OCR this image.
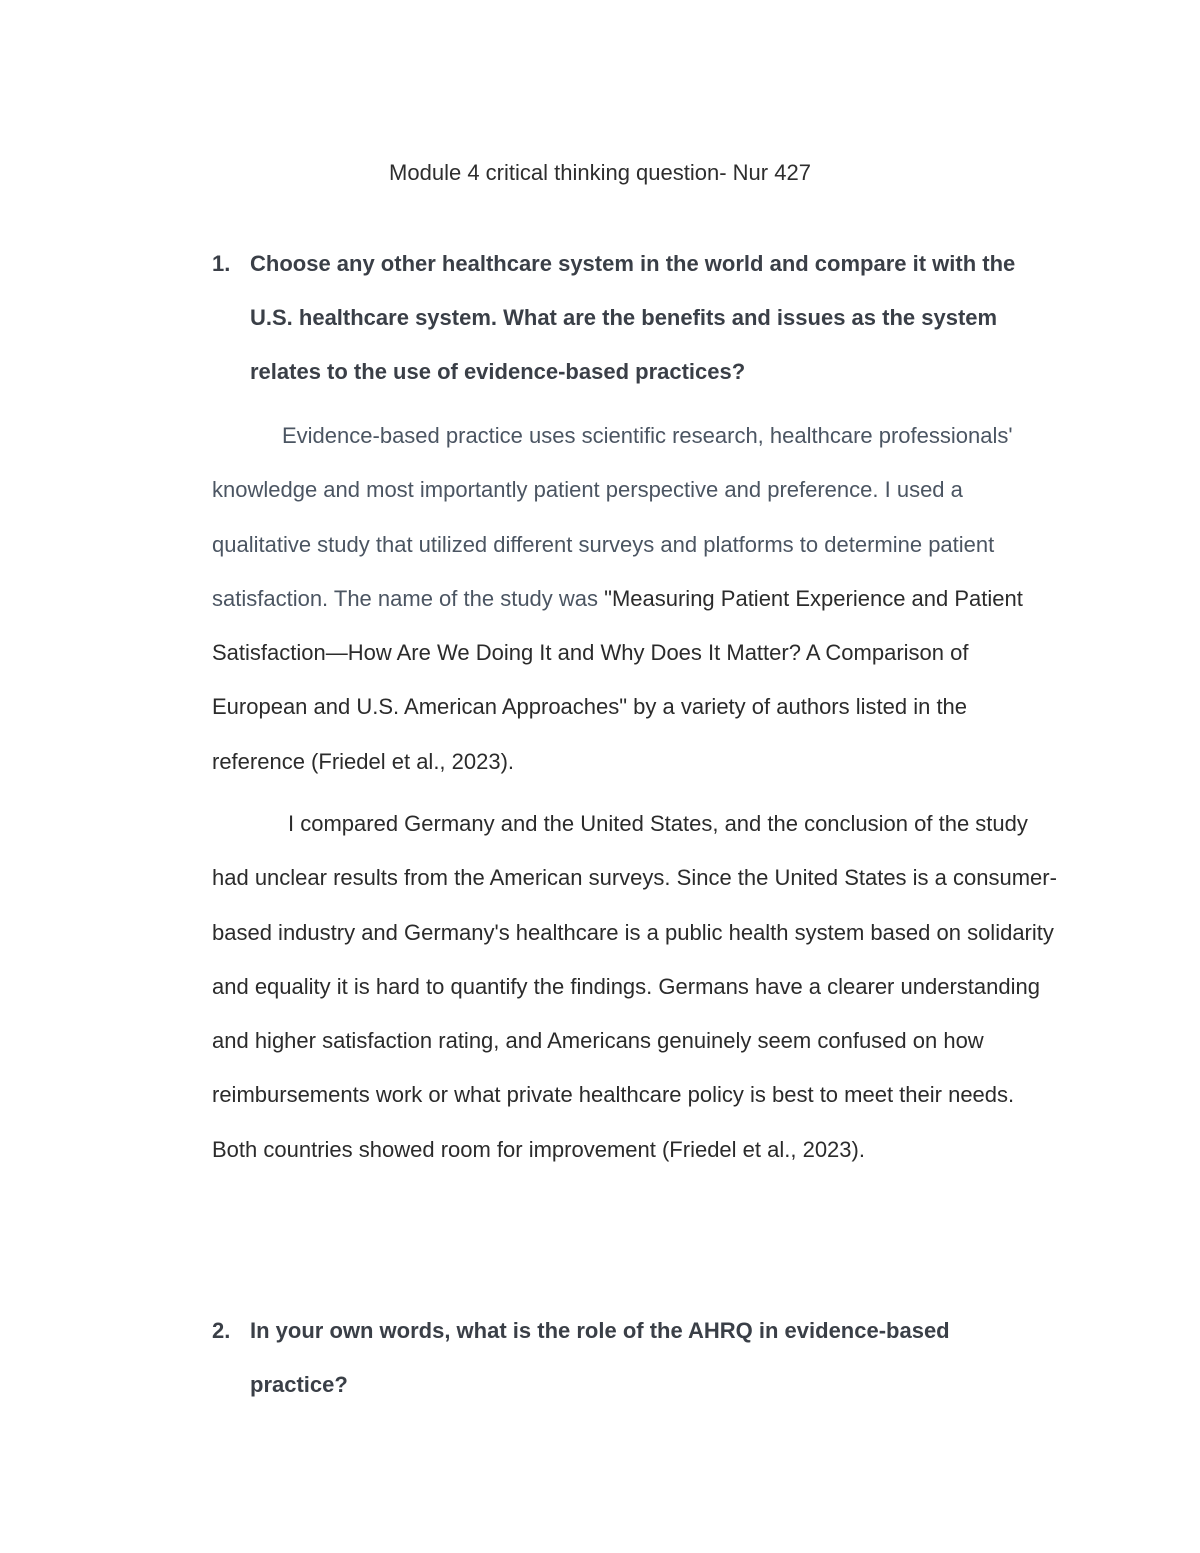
Module 4 critical thinking question- Nur 427
1. Choose any other healthcare system in the world and compare it with the U.S. healthcare system. What are the benefits and issues as the system relates to the use of evidence-based practices?

Evidence-based practice uses scientific research, healthcare professionals' knowledge and most importantly patient perspective and preference. I used a qualitative study that utilized different surveys and platforms to determine patient satisfaction. The name of the study was "Measuring Patient Experience and Patient Satisfaction—How Are We Doing It and Why Does It Matter? A Comparison of European and U.S. American Approaches" by a variety of authors listed in the reference (Friedel et al., 2023).

I compared Germany and the United States, and the conclusion of the study had unclear results from the American surveys. Since the United States is a consumer-based industry and Germany's healthcare is a public health system based on solidarity and equality it is hard to quantify the findings. Germans have a clearer understanding and higher satisfaction rating, and Americans genuinely seem confused on how reimbursements work or what private healthcare policy is best to meet their needs. Both countries showed room for improvement (Friedel et al., 2023).

2. In your own words, what is the role of the AHRQ in evidence-based practice?
